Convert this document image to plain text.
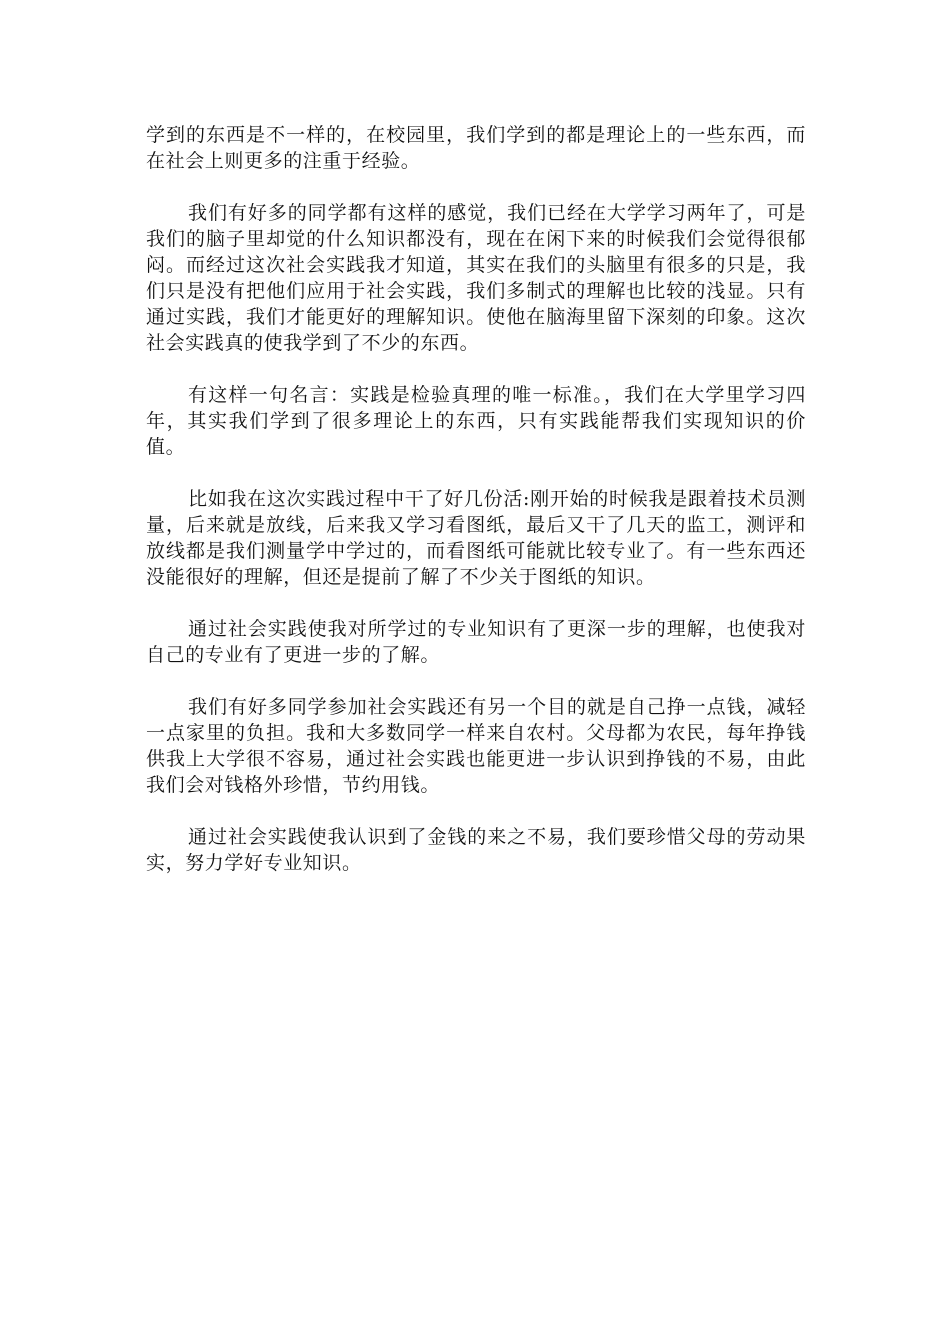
学到的东西是不一样的，在校园里，我们学到的都是理论上的一些东西，而在社会上则更多的注重于经验。

我们有好多的同学都有这样的感觉，我们已经在大学学习两年了，可是我们的脑子里却觉的什么知识都没有，现在在闲下来的时候我们会觉得很郁闷。而经过这次社会实践我才知道，其实在我们的头脑里有很多的只是，我们只是没有把他们应用于社会实践，我们多制式的理解也比较的浅显。只有通过实践，我们才能更好的理解知识。使他在脑海里留下深刻的印象。这次社会实践真的使我学到了不少的东西。

有这样一句名言：实践是检验真理的唯一标准。，我们在大学里学习四年，其实我们学到了很多理论上的东西，只有实践能帮我们实现知识的价值。

比如我在这次实践过程中干了好几份活:刚开始的时候我是跟着技术员测量，后来就是放线，后来我又学习看图纸，最后又干了几天的监工，测评和放线都是我们测量学中学过的，而看图纸可能就比较专业了。有一些东西还没能很好的理解，但还是提前了解了不少关于图纸的知识。

通过社会实践使我对所学过的专业知识有了更深一步的理解，也使我对自己的专业有了更进一步的了解。

我们有好多同学参加社会实践还有另一个目的就是自己挣一点钱，减轻一点家里的负担。我和大多数同学一样来自农村。父母都为农民，每年挣钱供我上大学很不容易，通过社会实践也能更进一步认识到挣钱的不易，由此我们会对钱格外珍惜，节约用钱。

通过社会实践使我认识到了金钱的来之不易，我们要珍惜父母的劳动果实，努力学好专业知识。
